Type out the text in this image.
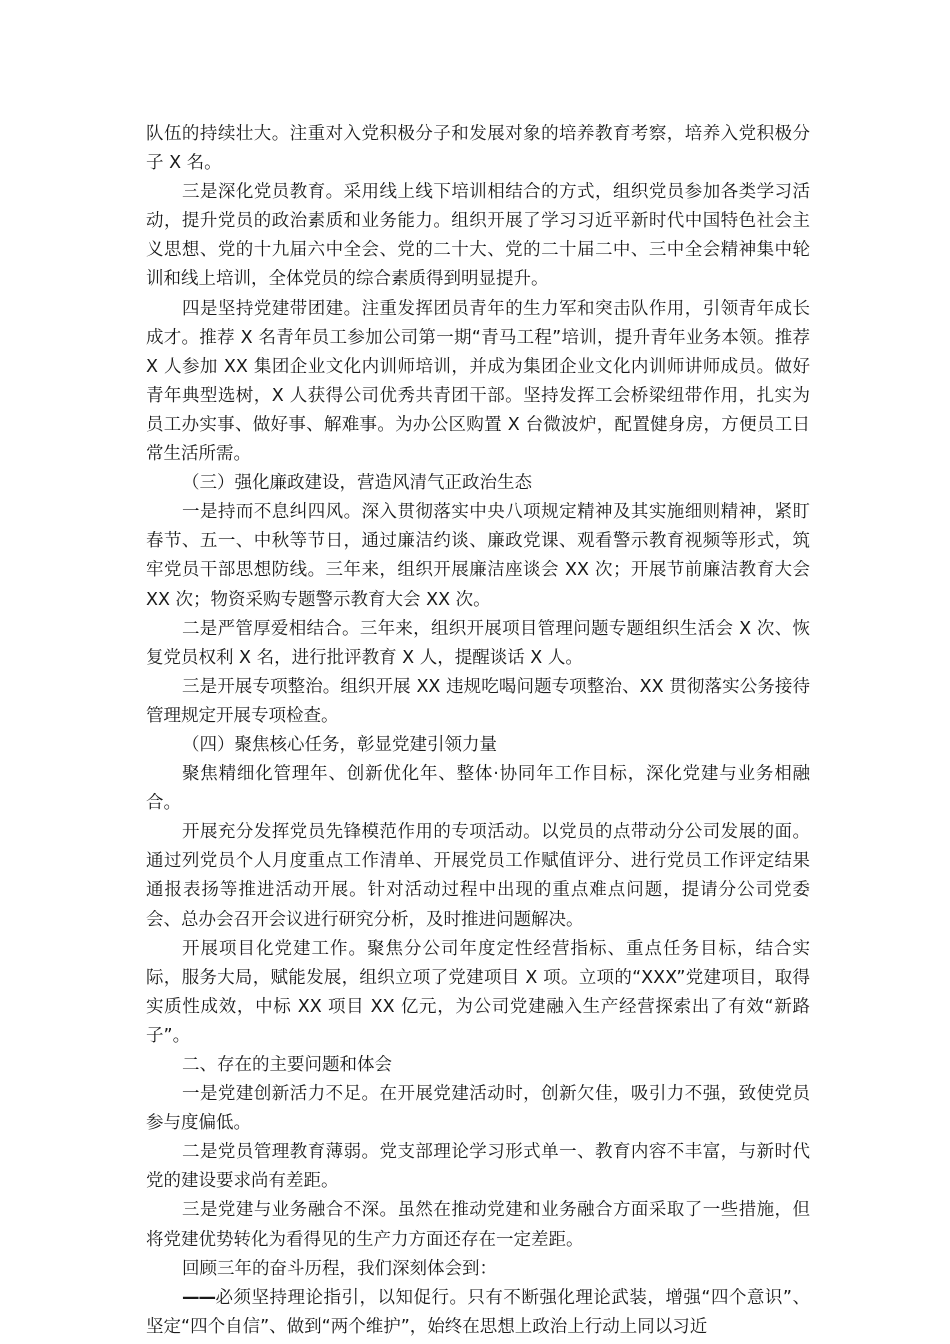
队伍的持续壮大。注重对入党积极分子和发展对象的培养教育考察，培养入党积极分子 X 名。

三是深化党员教育。采用线上线下培训相结合的方式，组织党员参加各类学习活动，提升党员的政治素质和业务能力。组织开展了学习习近平新时代中国特色社会主义思想、党的十九届六中全会、党的二十大、党的二十届二中、三中全会精神集中轮训和线上培训，全体党员的综合素质得到明显提升。

四是坚持党建带团建。注重发挥团员青年的生力军和突击队作用，引领青年成长成才。推荐 X 名青年员工参加公司第一期“青马工程”培训，提升青年业务本领。推荐 X 人参加 XX 集团企业文化内训师培训，并成为集团企业文化内训师讲师成员。做好青年典型选树，X 人获得公司优秀共青团干部。坚持发挥工会桥梁纽带作用，扎实为员工办实事、做好事、解难事。为办公区购置 X 台微波炉，配置健身房，方便员工日常生活所需。

（三）强化廉政建设，营造风清气正政治生态

一是持而不息纠四风。深入贯彻落实中央八项规定精神及其实施细则精神，紧盯春节、五一、中秋等节日，通过廉洁约谈、廉政党课、观看警示教育视频等形式，筑牢党员干部思想防线。三年来，组织开展廉洁座谈会 XX 次；开展节前廉洁教育大会 XX 次；物资采购专题警示教育大会 XX 次。

二是严管厚爱相结合。三年来，组织开展项目管理问题专题组织生活会 X 次、恢复党员权利 X 名，进行批评教育 X 人，提醒谈话 X 人。

三是开展专项整治。组织开展 XX 违规吃喝问题专项整治、XX 贯彻落实公务接待管理规定开展专项检查。

（四）聚焦核心任务，彰显党建引领力量

聚焦精细化管理年、创新优化年、整体·协同年工作目标，深化党建与业务相融合。

开展充分发挥党员先锋模范作用的专项活动。以党员的点带动分公司发展的面。通过列党员个人月度重点工作清单、开展党员工作赋值评分、进行党员工作评定结果通报表扬等推进活动开展。针对活动过程中出现的重点难点问题，提请分公司党委会、总办会召开会议进行研究分析，及时推进问题解决。

开展项目化党建工作。聚焦分公司年度定性经营指标、重点任务目标，结合实际，服务大局，赋能发展，组织立项了党建项目 X 项。立项的“XXX”党建项目，取得实质性成效，中标 XX 项目 XX 亿元，为公司党建融入生产经营探索出了有效“新路子”。

二、存在的主要问题和体会

一是党建创新活力不足。在开展党建活动时，创新欠佳，吸引力不强，致使党员参与度偏低。

二是党员管理教育薄弱。党支部理论学习形式单一、教育内容不丰富，与新时代党的建设要求尚有差距。

三是党建与业务融合不深。虽然在推动党建和业务融合方面采取了一些措施，但将党建优势转化为看得见的生产力方面还存在一定差距。

回顾三年的奋斗历程，我们深刻体会到：

——必须坚持理论指引，以知促行。只有不断强化理论武装，增强“四个意识”、坚定“四个自信”、做到“两个维护”，始终在思想上政治上行动上同以习近
